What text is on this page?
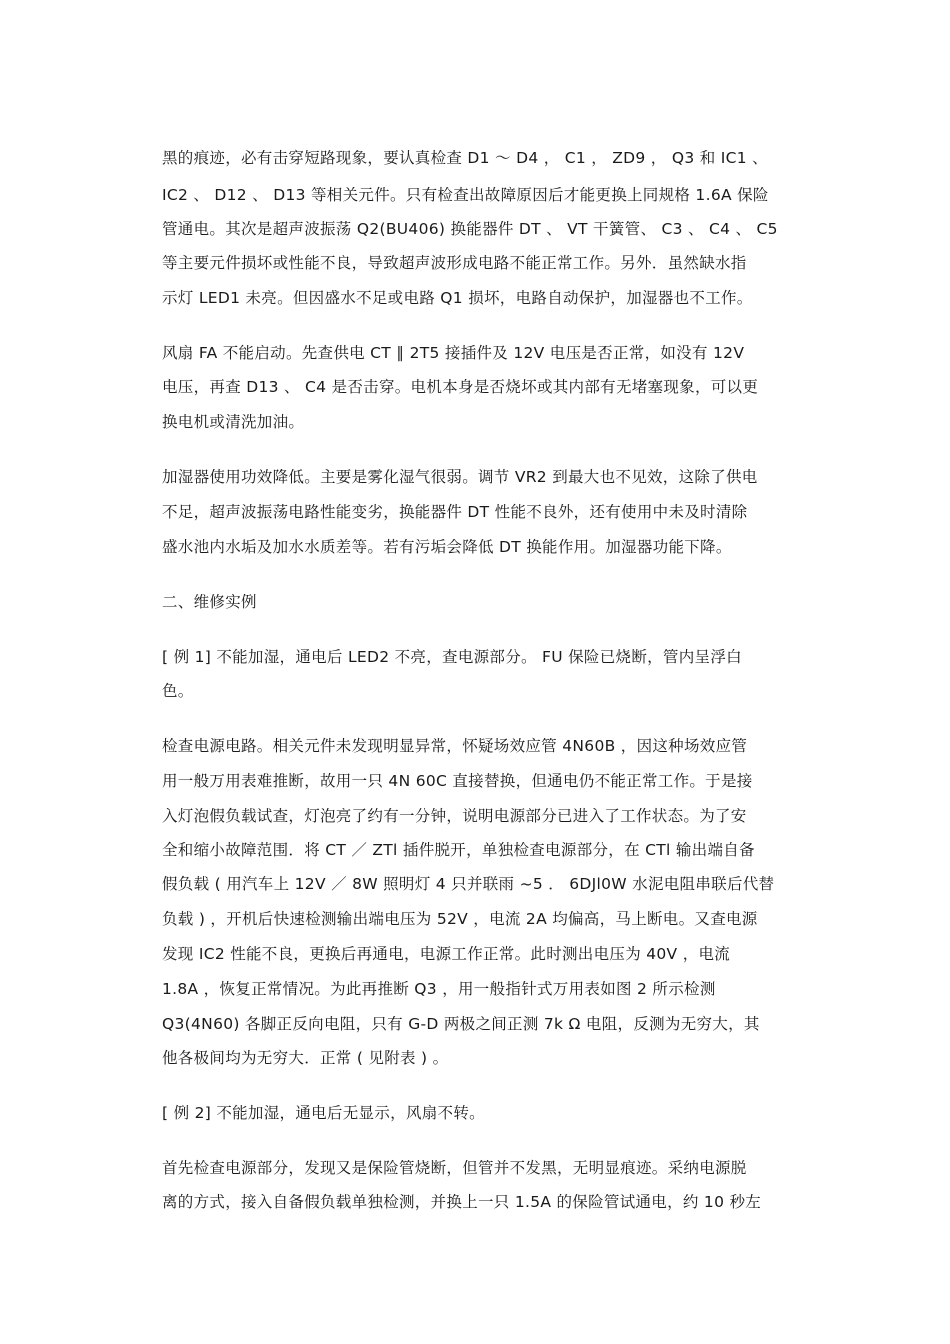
黑的痕迹，必有击穿短路现象，要认真检查 D1 ～ D4 ， C1 ， ZD9 ， Q3 和 IC1 、
IC2 、 D12 、 D13 等相关元件。只有检查出故障原因后才能更换上同规格 1.6A 保险
管通电。其次是超声波振荡 Q2(BU406) 换能器件 DT 、 VT 干簧管、 C3 、 C4 、 C5
等主要元件损坏或性能不良，导致超声波形成电路不能正常工作。另外．虽然缺水指
示灯 LED1 未亮。但因盛水不足或电路 Q1 损坏，电路自动保护，加湿器也不工作。
风扇 FA 不能启动。先查供电 CT ∥ 2T5 接插件及 12V 电压是否正常，如没有 12V
电压，再查 D13 、 C4 是否击穿。电机本身是否烧坏或其内部有无堵塞现象，可以更
换电机或清洗加油。
加湿器使用功效降低。主要是雾化湿气很弱。调节 VR2 到最大也不见效，这除了供电
不足，超声波振荡电路性能变劣，换能器件 DT 性能不良外，还有使用中未及时清除
盛水池内水垢及加水水质差等。若有污垢会降低 DT 换能作用。加湿器功能下降。
二、维修实例
[ 例 1] 不能加湿，通电后 LED2 不亮，查电源部分。 FU 保险已烧断，管内呈浮白
色。
检查电源电路。相关元件未发现明显异常，怀疑场效应管 4N60B ，因这种场效应管
用一般万用表难推断，故用一只 4N 60C 直接替换，但通电仍不能正常工作。于是接
入灯泡假负载试查，灯泡亮了约有一分钟，说明电源部分已进入了工作状态。为了安
全和缩小故障范围．将 CT ／ ZTl 插件脱开，单独检查电源部分，在 CTl 输出端自备
假负载 ( 用汽车上 12V ／ 8W 照明灯 4 只并联雨 ~5 ． 6DJl0W 水泥电阻串联后代替
负载 ) ，开机后快速检测输出端电压为 52V ，电流 2A 均偏高，马上断电。又查电源
发现 IC2 性能不良，更换后再通电，电源工作正常。此时测出电压为 40V ，电流
1.8A ，恢复正常情况。为此再推断 Q3 ，用一般指针式万用表如图 2 所示检测
Q3(4N60) 各脚正反向电阻，只有 G-D 两极之间正测 7k Ω 电阻，反测为无穷大，其
他各极间均为无穷大．正常 ( 见附表 ) 。
[ 例 2] 不能加湿，通电后无显示，风扇不转。
首先检查电源部分，发现又是保险管烧断，但管并不发黑，无明显痕迹。采纳电源脱
离的方式，接入自备假负载单独检测，并换上一只 1.5A 的保险管试通电，约 10 秒左
